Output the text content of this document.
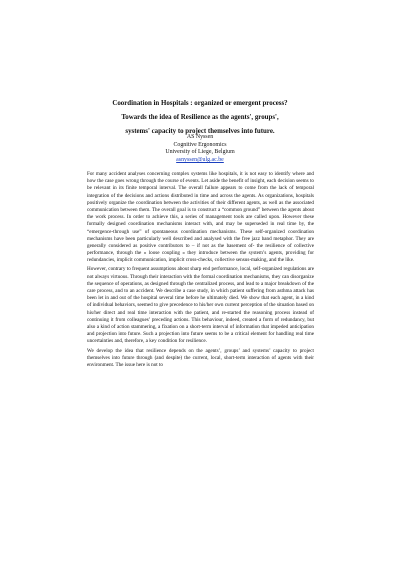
Coordination in Hospitals : organized or emergent process?
Towards the idea of Resilience as the agents', groups',
systems' capacity to project themselves into future.
AS Nyssen
Cognitive Ergonomics
University of Liege, Belgium
asnyssen@ulg.ac.be

For many accident analyses concerning complex systems like hospitals, it is not easy to identify where and how the case goes wrong through the course of events. Let aside the benefit of insight, each decision seems to be relevant in its finite temporal interval. The overall failure appears to come from the lack of temporal integration of the decisions and actions distributed in time and across the agents. As organizations, hospitals positively organize the coordination between the activities of their different agents, as well as the associated communication between them. The overall goal is to construct a “common ground” between the agents about the work process. In order to achieve this, a series of management tools are called upon. However these formally designed coordination mechanisms interact with, and may be superseded in real time by, the “emergence-through use” of spontaneous coordination mechanisms. These self-organized coordination mechanisms have been particularly well described and analysed with the free jazz band metaphor. They are generally considered as positive contributors to – if not as the basement of- the resilience of collective performance, through the « loose coupling » they introduce between the system’s agents, providing for redundancies, implicit communication, implicit cross-checks, collective sensus-making, and the like.

However, contrary to frequent assumptions about sharp end performance, local, self-organized regulations are not always virtuous. Through their interaction with the formal coordination mechanisms, they can disorganize the sequence of operations, as designed through the centralized process, and lead to a major breakdown of the care process, and to an accident. We describe a case study, in which patient suffering from asthma attack has been let in and out of the hospital several time before he ultimately died. We show that each agent, in a kind of individual behaviors, seemed to give precedence to his/her own current perception of the situation based on his/her direct and real time interaction with the patient, and re-started the reasoning process instead of continuing it from colleagues’ preceding actions. This behaviour, indeed, created a form of redundancy, but also a kind of action stammering, a fixation on a short-term interval of information that impeded anticipation and projection into future. Such a projection into future seems to be a critical element for handling real time uncertainties and, therefore, a key condition for resilience.

We develop the idea that resilience depends on the agents’, groups’ and systems’ capacity to project themselves into future through (and despite) the current, local, short-term interaction of agents with their environment. The issue here is not to
